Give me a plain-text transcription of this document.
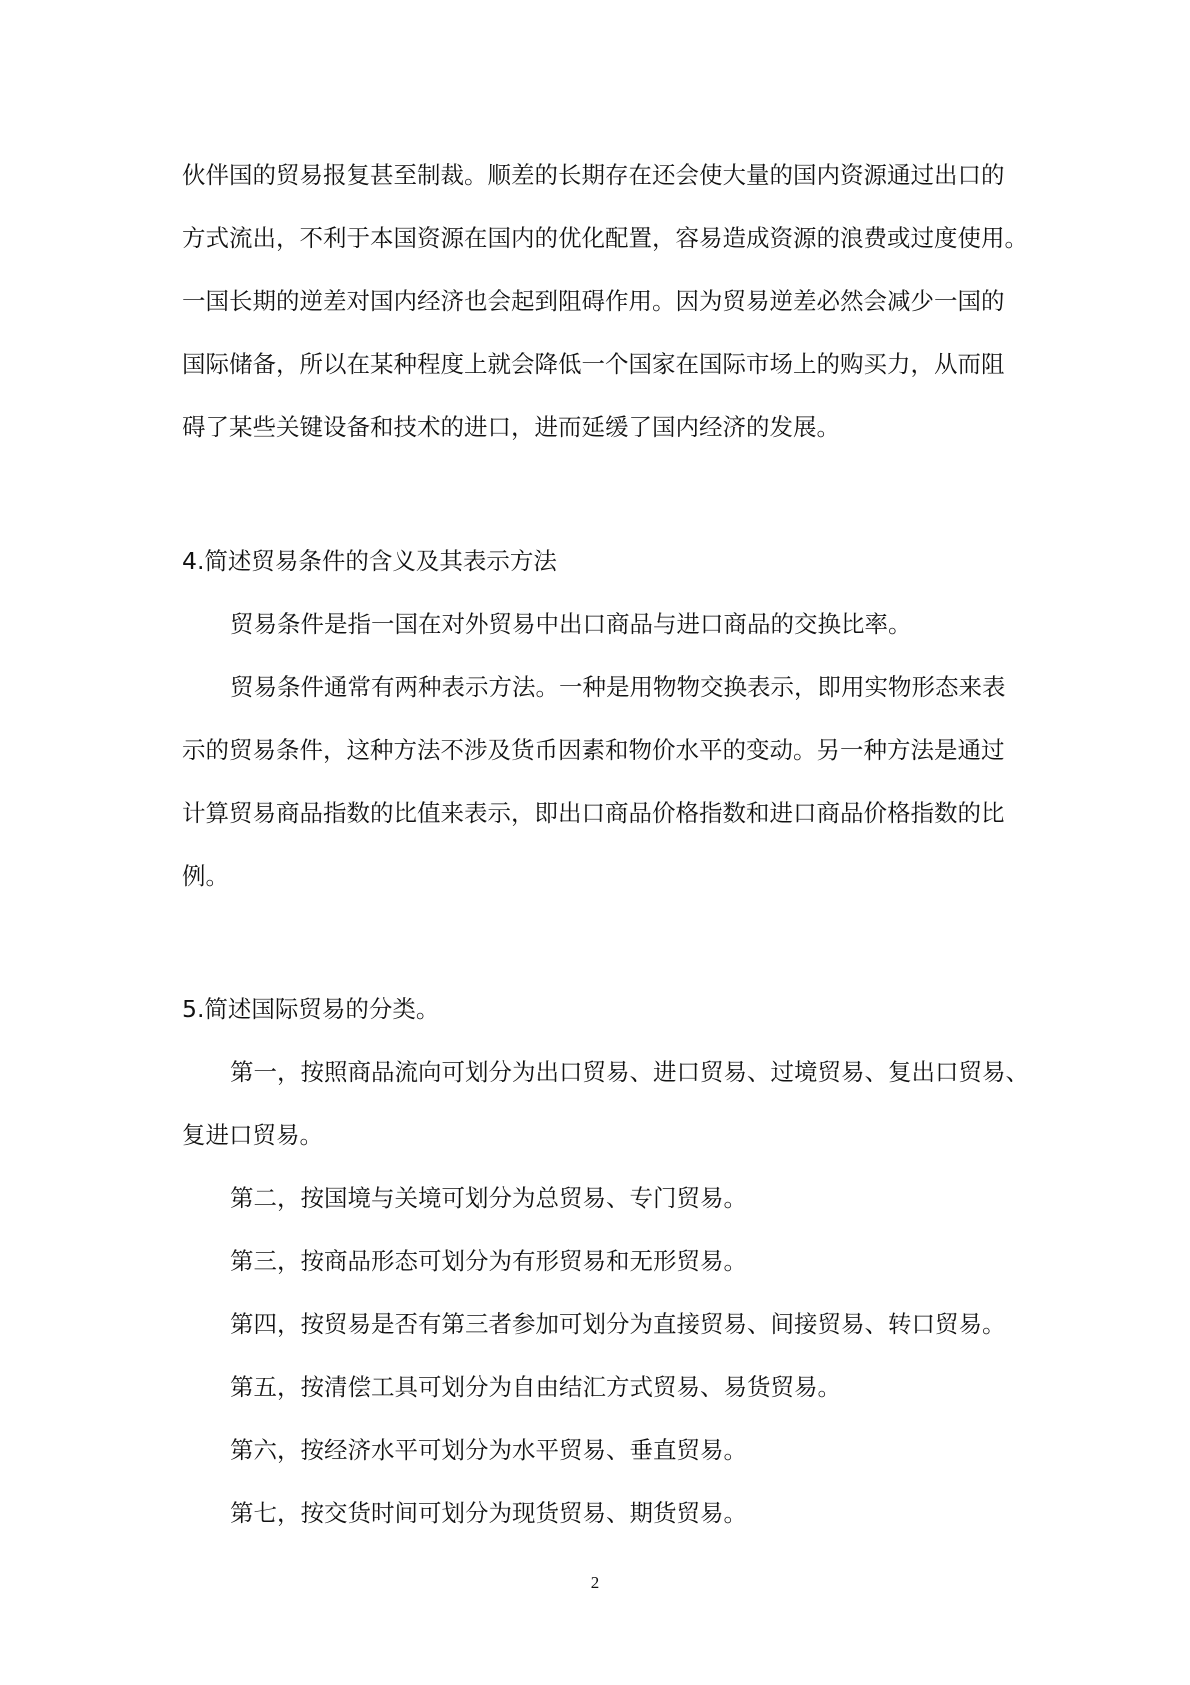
伙伴国的贸易报复甚至制裁。顺差的长期存在还会使大量的国内资源通过出口的
方式流出，不利于本国资源在国内的优化配置，容易造成资源的浪费或过度使用。
一国长期的逆差对国内经济也会起到阻碍作用。因为贸易逆差必然会减少一国的
国际储备，所以在某种程度上就会降低一个国家在国际市场上的购买力，从而阻
碍了某些关键设备和技术的进口，进而延缓了国内经济的发展。
4.简述贸易条件的含义及其表示方法
贸易条件是指一国在对外贸易中出口商品与进口商品的交换比率。
贸易条件通常有两种表示方法。一种是用物物交换表示，即用实物形态来表
示的贸易条件，这种方法不涉及货币因素和物价水平的变动。另一种方法是通过
计算贸易商品指数的比值来表示，即出口商品价格指数和进口商品价格指数的比
例。
5.简述国际贸易的分类。
第一，按照商品流向可划分为出口贸易、进口贸易、过境贸易、复出口贸易、
复进口贸易。
第二，按国境与关境可划分为总贸易、专门贸易。
第三，按商品形态可划分为有形贸易和无形贸易。
第四，按贸易是否有第三者参加可划分为直接贸易、间接贸易、转口贸易。
第五，按清偿工具可划分为自由结汇方式贸易、易货贸易。
第六，按经济水平可划分为水平贸易、垂直贸易。
第七，按交货时间可划分为现货贸易、期货贸易。
2
